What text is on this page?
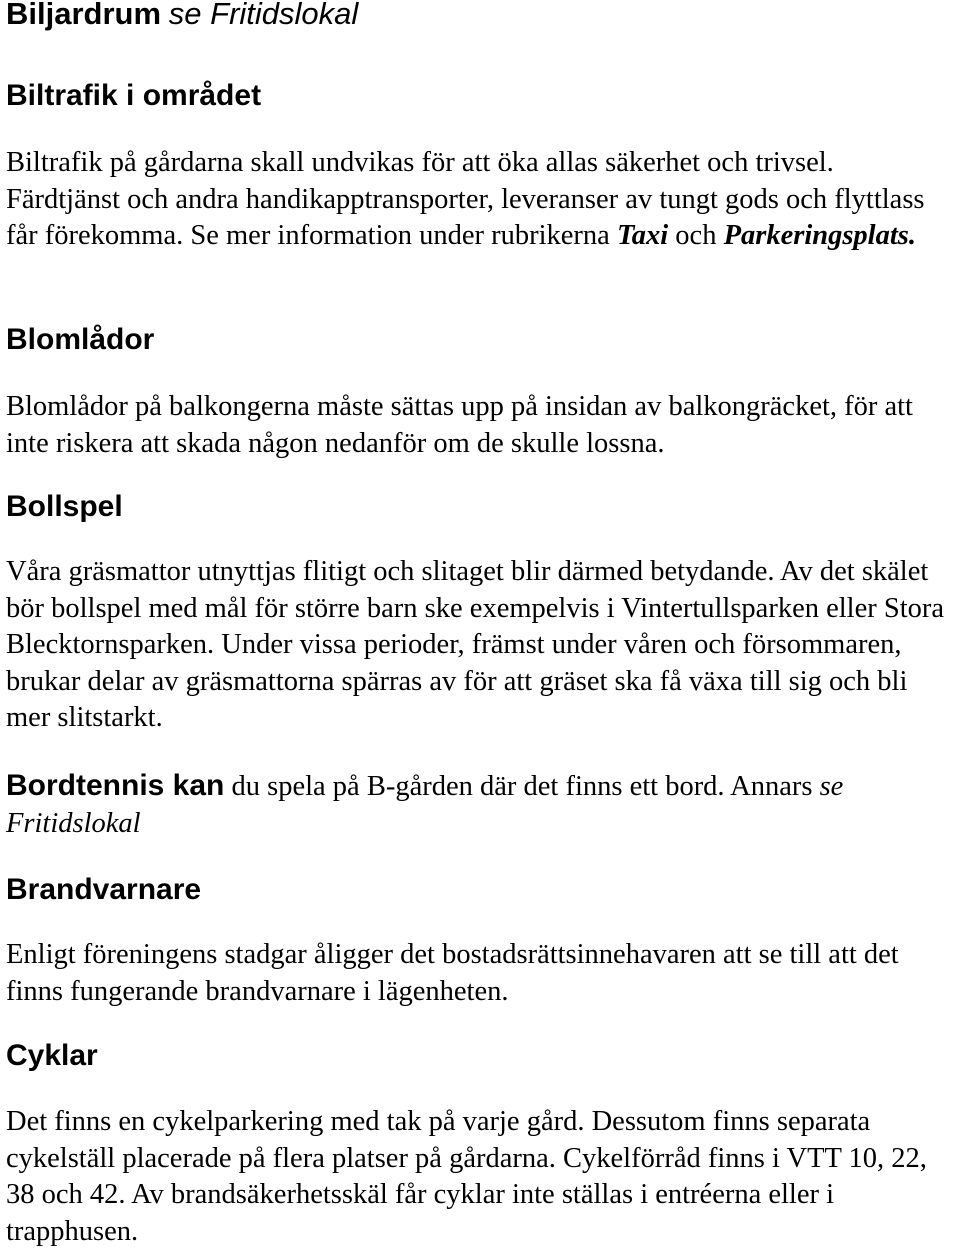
Biljardrum se Fritidslokal
Biltrafik i området

Biltrafik på gårdarna skall undvikas för att öka allas säkerhet och trivsel. Färdtjänst och andra handikapptransporter, leveranser av tungt gods och flyttlass får förekomma. Se mer information under rubrikerna Taxi och Parkeringsplats.

Blomlådor

Blomlådor på balkongerna måste sättas upp på insidan av balkongräcket, för att inte riskera att skada någon nedanför om de skulle lossna.

Bollspel

Våra gräsmattor utnyttjas flitigt och slitaget blir därmed betydande. Av det skälet bör bollspel med mål för större barn ske exempelvis i Vintertullsparken eller Stora Blecktornsparken. Under vissa perioder, främst under våren och försommaren, brukar delar av gräsmattorna spärras av för att gräset ska få växa till sig och bli mer slitstarkt.

Bordtennis kan du spela på B-gården där det finns ett bord. Annars se Fritidslokal

Brandvarnare

Enligt föreningens stadgar åligger det bostadsrättsinnehavaren att se till att det finns fungerande brandvarnare i lägenheten.

Cyklar

Det finns en cykelparkering med tak på varje gård. Dessutom finns separata cykelställ placerade på flera platser på gårdarna. Cykelförråd finns i VTT 10, 22, 38 och 42. Av brandsäkerhetsskäl får cyklar inte ställas i entréerna eller i trapphusen.
